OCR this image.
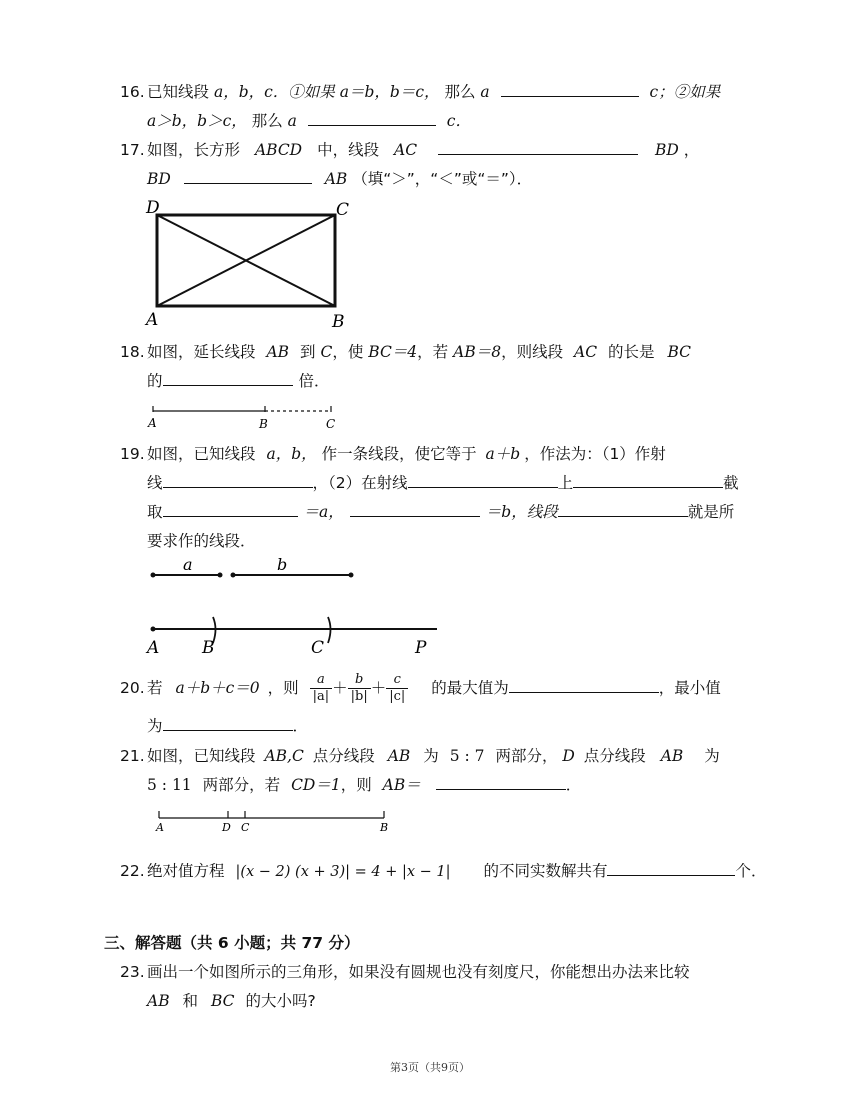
16. 已知线段 a，b，c．①如果 a＝b，b＝c， 那么 a	c；②如果
a＞b，b＞c， 那么 a	c．
17. 如图，长方形 ABCD 中，线段 AC	BD ，
BD	AB （填“＞”，“＜”或“＝”）．
D	C
A	B
18. 如图，延长线段 AB 到 C，使 BC＝4，若 AB＝8，则线段 AC 的长是 BC
的	倍．
A	B	C
19. 如图，已知线段 a，b， 作一条线段，使它等于 a＋b ，作法为：（1）作射
线	，（2）在射线	上	截
取	＝a，	＝b，线段	就是所
要求作的线段．
a	b
A	B	C	P
20. 若 a＋b＋c＝0 ，则 $\frac{a}{|a|} + \frac{b}{|b|} + \frac{c}{|c|}$ 的最大值为	，最小值
为	．
21. 如图，已知线段 AB,C 点分线段 AB 为 5 : 7 两部分， D 点分线段 AB 为
5 : 11 两部分，若 CD＝1，则 AB＝	．
A	D C	B
22. 绝对值方程 |(x − 2) (x + 3)| = 4 + |x − 1| 的不同实数解共有	个．
三、解答题（共 6 小题；共 77 分）
23. 画出一个如图所示的三角形，如果没有圆规也没有刻度尺，你能想出办法来比较
AB 和 BC 的大小吗?
第3页（共9页）
